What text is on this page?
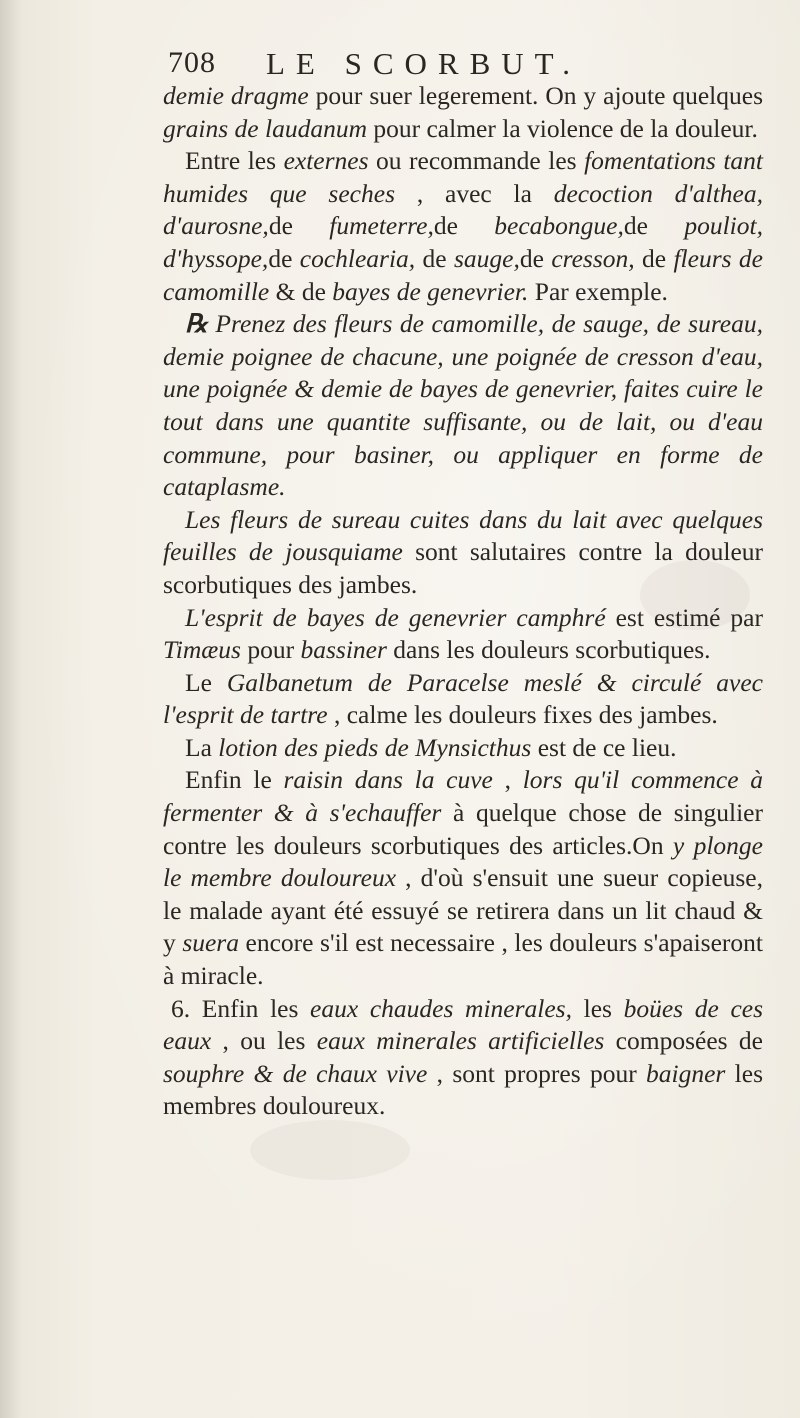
708 LE SCORBUT.

demie dragme pour suer legerement. On y ajoute quelques grains de laudanum pour calmer la violence de la douleur.

Entre les externes ou recommande les fomentations tant humides que seches , avec la decoction d'althea, d'aurosne,de fumeterre,de becabongue,de pouliot, d'hyssope,de cochlearia, de sauge,de cresson, de fleurs de camomille & de bayes de genevrier. Par exemple.

℞ Prenez des fleurs de camomille, de sauge, de sureau, demie poignee de chacune, une poignée de cresson d'eau, une poignée & demie de bayes de genevrier, faites cuire le tout dans une quantite suffisante, ou de lait, ou d'eau commune, pour basiner, ou appliquer en forme de cataplasme.

Les fleurs de sureau cuites dans du lait avec quelques feuilles de jousquiame sont salutaires contre la douleur scorbutiques des jambes.

L'esprit de bayes de genevrier camphré est estimé par Timæus pour bassiner dans les douleurs scorbutiques.

Le Galbanetum de Paracelse meslé & circulé avec l'esprit de tartre , calme les douleurs fixes des jambes.

La lotion des pieds de Mynsicthus est de ce lieu.

Enfin le raisin dans la cuve , lors qu'il commence à fermenter & à s'echauffer à quelque chose de singulier contre les douleurs scorbutiques des articles.On y plonge le membre douloureux , d'où s'ensuit une sueur copieuse, le malade ayant été essuyé se retirera dans un lit chaud & y suera encore s'il est necessaire , les douleurs s'apaiseront à miracle.

6. Enfin les eaux chaudes minerales, les boües de ces eaux , ou les eaux minerales artificielles composées de souphre & de chaux vive , sont propres pour baigner les membres douloureux.
